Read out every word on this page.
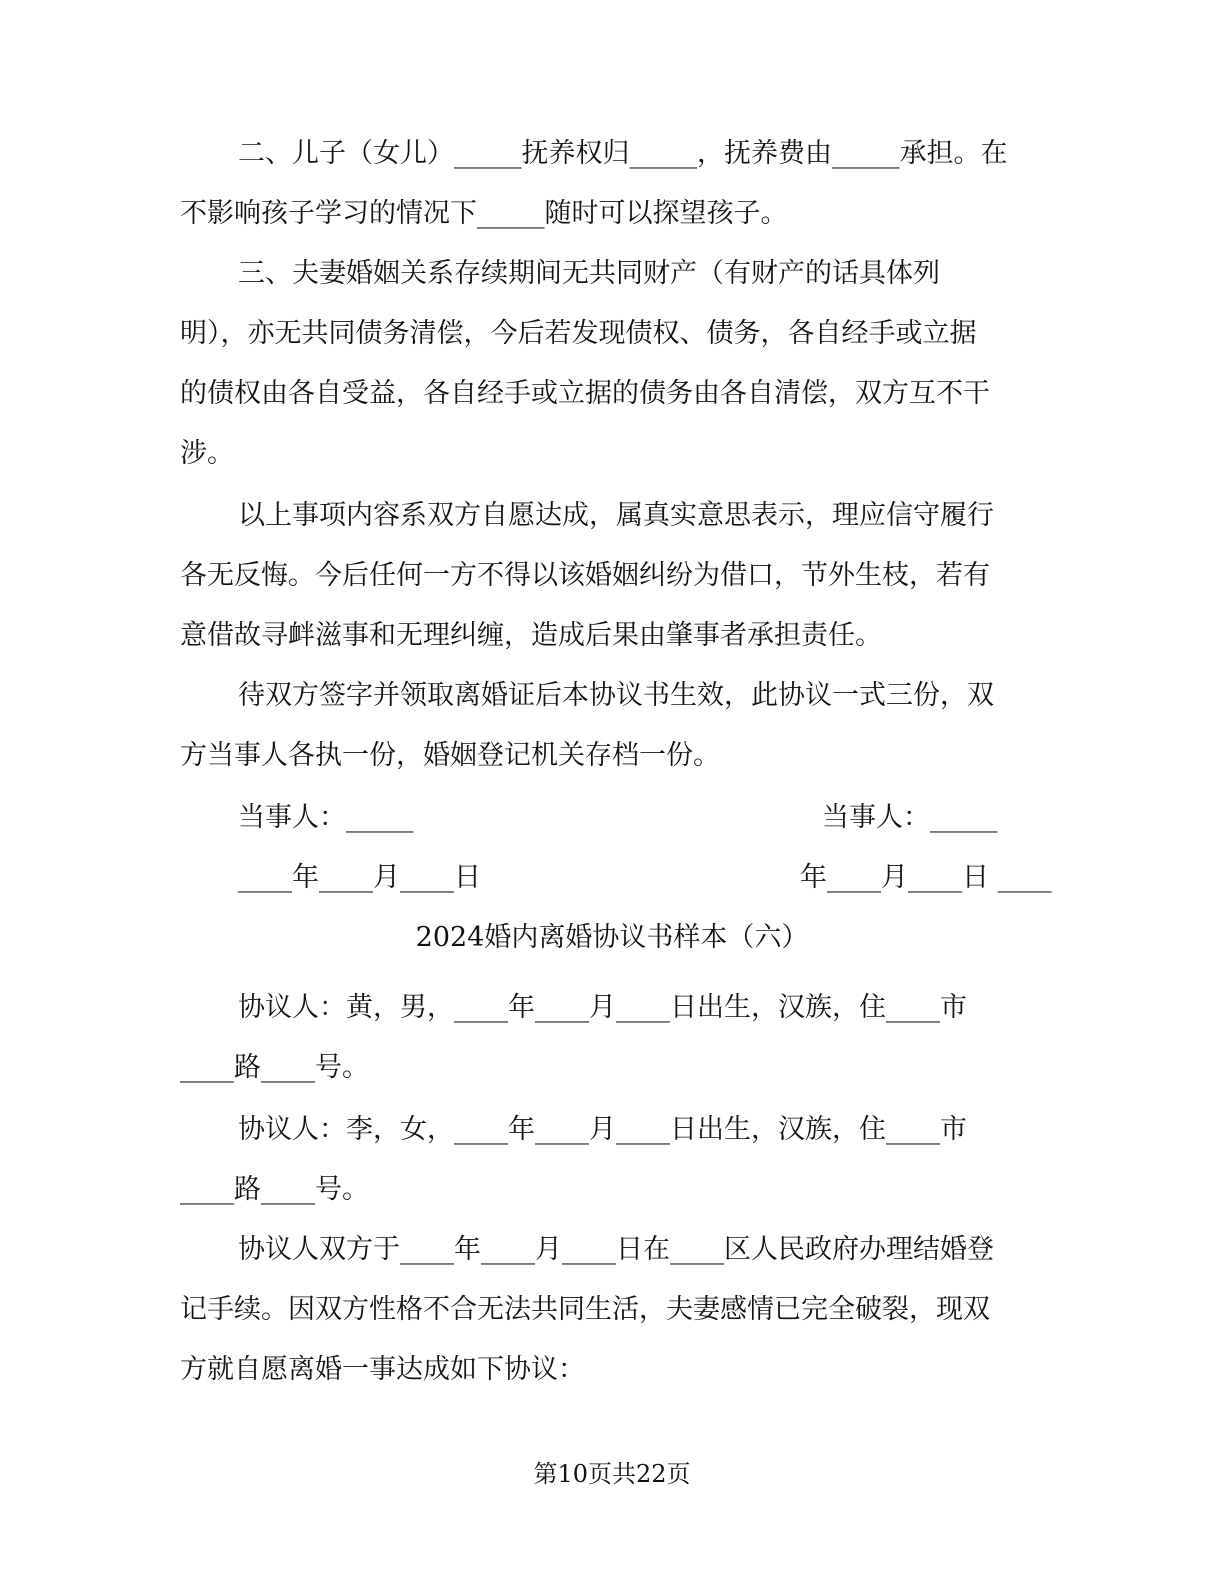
二、儿子（女儿）_____抚养权归_____，抚养费由_____承担。在

不影响孩子学习的情况下_____随时可以探望孩子。

三、夫妻婚姻关系存续期间无共同财产（有财产的话具体列

明），亦无共同债务清偿，今后若发现债权、债务，各自经手或立据

的债权由各自受益，各自经手或立据的债务由各自清偿，双方互不干

涉。

以上事项内容系双方自愿达成，属真实意思表示，理应信守履行

各无反悔。今后任何一方不得以该婚姻纠纷为借口，节外生枝，若有

意借故寻衅滋事和无理纠缠，造成后果由肇事者承担责任。

待双方签字并领取离婚证后本协议书生效，此协议一式三份，双

方当事人各执一份，婚姻登记机关存档一份。

当事人：_____	当事人：_____

____年____月____日	年____月____日 ____

2024婚内离婚协议书样本（六）

协议人：黄，男，____年____月____日出生，汉族，住____市

____路____号。

协议人：李，女，____年____月____日出生，汉族，住____市

____路____号。

协议人双方于____年____月____日在____区人民政府办理结婚登

记手续。因双方性格不合无法共同生活，夫妻感情已完全破裂，现双

方就自愿离婚一事达成如下协议：

第10页共22页
